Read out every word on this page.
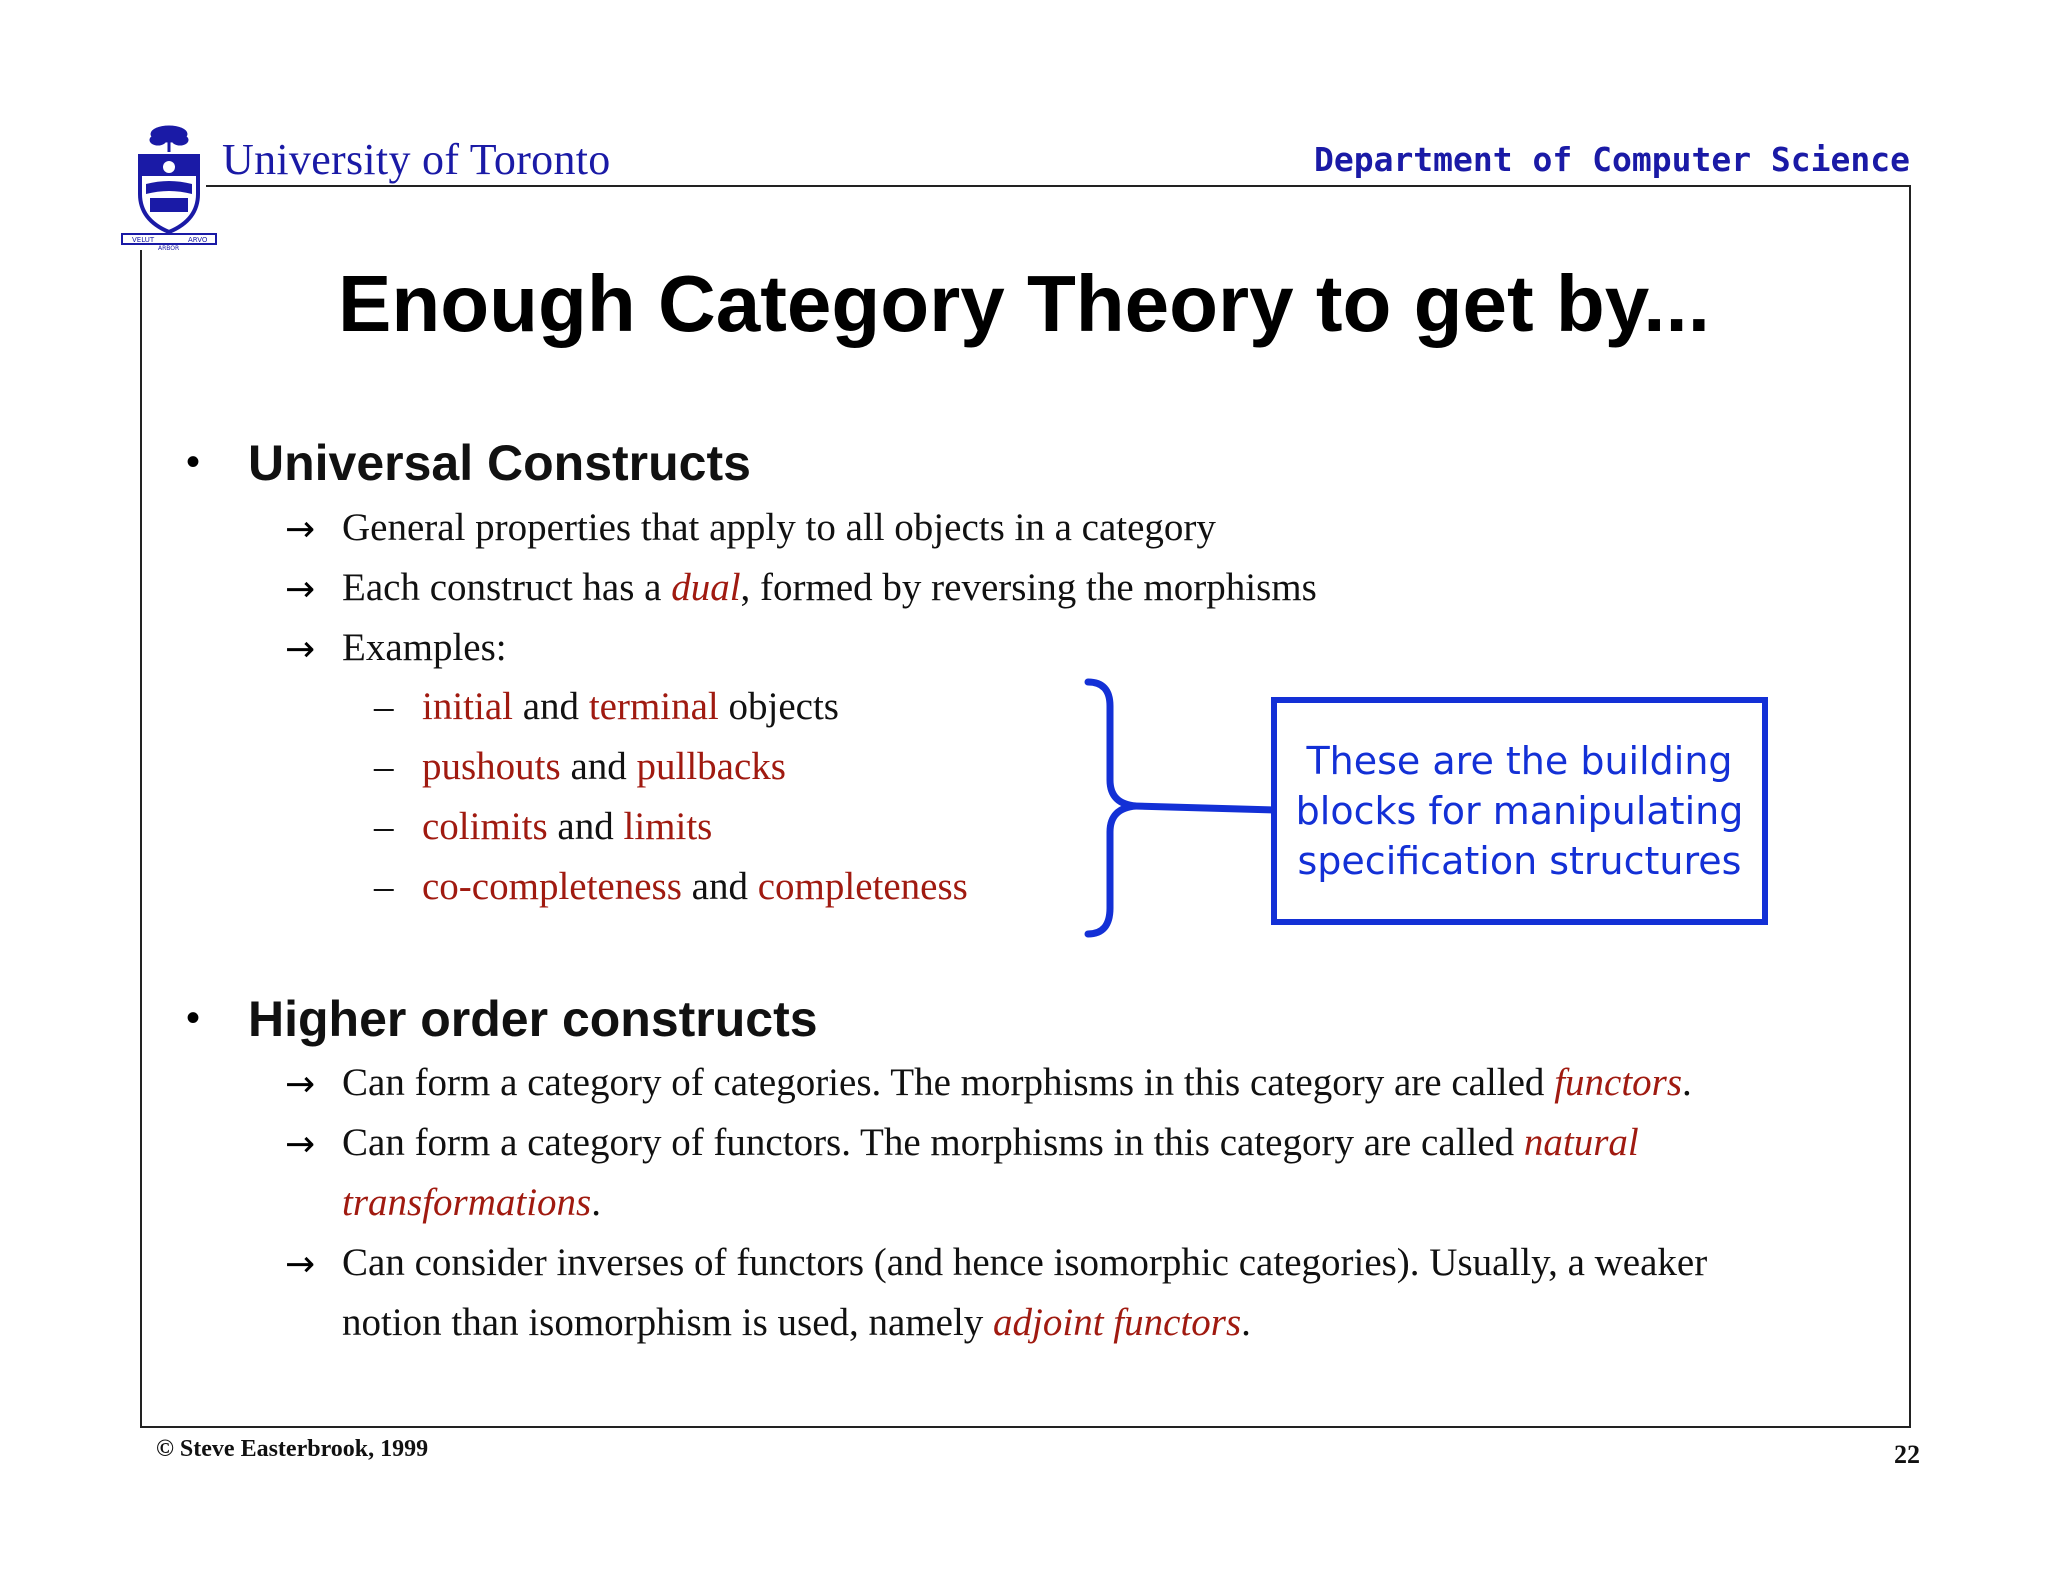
VELUT	ARVO
ARBOR
University of Toronto	Department of Computer Science
Enough Category Theory to get by...
• Universal Constructs
→ General properties that apply to all objects in a category
→ Each construct has a dual, formed by reversing the morphisms
→ Examples:
– initial and terminal objects
– pushouts and pullbacks
– colimits and limits
– co-completeness and completeness
These are the building blocks for manipulating specification structures
• Higher order constructs
→ Can form a category of categories. The morphisms in this category are called functors.
→ Can form a category of functors. The morphisms in this category are called natural
transformations.
→ Can consider inverses of functors (and hence isomorphic categories). Usually, a weaker
notion than isomorphism is used, namely adjoint functors.
© Steve Easterbrook, 1999	22
